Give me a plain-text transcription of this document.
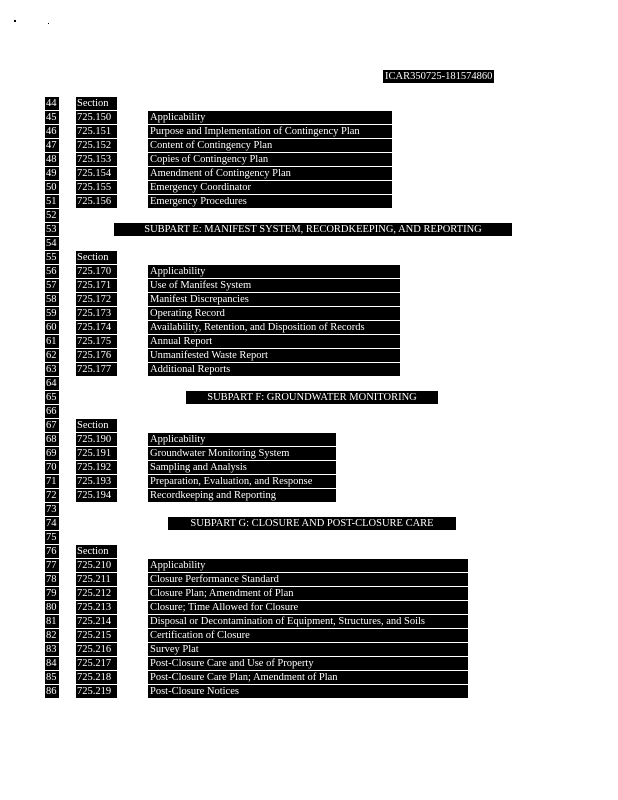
ICAR350725-181574860
44
45
46
47
48
49
50
51
52
53
54
55
56
57
58
59
60
61
62
63
64
65
66
67
68
69
70
71
72
73
74
75
76
77
78
79
80
81
82
83
84
85
86
Section
725.150
725.151
725.152
725.153
725.154
725.155
725.156
Applicability
Purpose and Implementation of Contingency Plan
Content of Contingency Plan
Copies of Contingency Plan
Amendment of Contingency Plan
Emergency Coordinator
Emergency Procedures
SUBPART E: MANIFEST SYSTEM, RECORDKEEPING, AND REPORTING
Section
725.170
725.171
725.172
725.173
725.174
725.175
725.176
725.177
Applicability
Use of Manifest System
Manifest Discrepancies
Operating Record
Availability, Retention, and Disposition of Records
Annual Report
Unmanifested Waste Report
Additional Reports
SUBPART F: GROUNDWATER MONITORING
Section
725.190
725.191
725.192
725.193
725.194
Applicability
Groundwater Monitoring System
Sampling and Analysis
Preparation, Evaluation, and Response
Recordkeeping and Reporting
SUBPART G: CLOSURE AND POST-CLOSURE CARE
Section
725.210
725.211
725.212
725.213
725.214
725.215
725.216
725.217
725.218
725.219
Applicability
Closure Performance Standard
Closure Plan; Amendment of Plan
Closure; Time Allowed for Closure
Disposal or Decontamination of Equipment, Structures, and Soils
Certification of Closure
Survey Plat
Post-Closure Care and Use of Property
Post-Closure Care Plan; Amendment of Plan
Post-Closure Notices
